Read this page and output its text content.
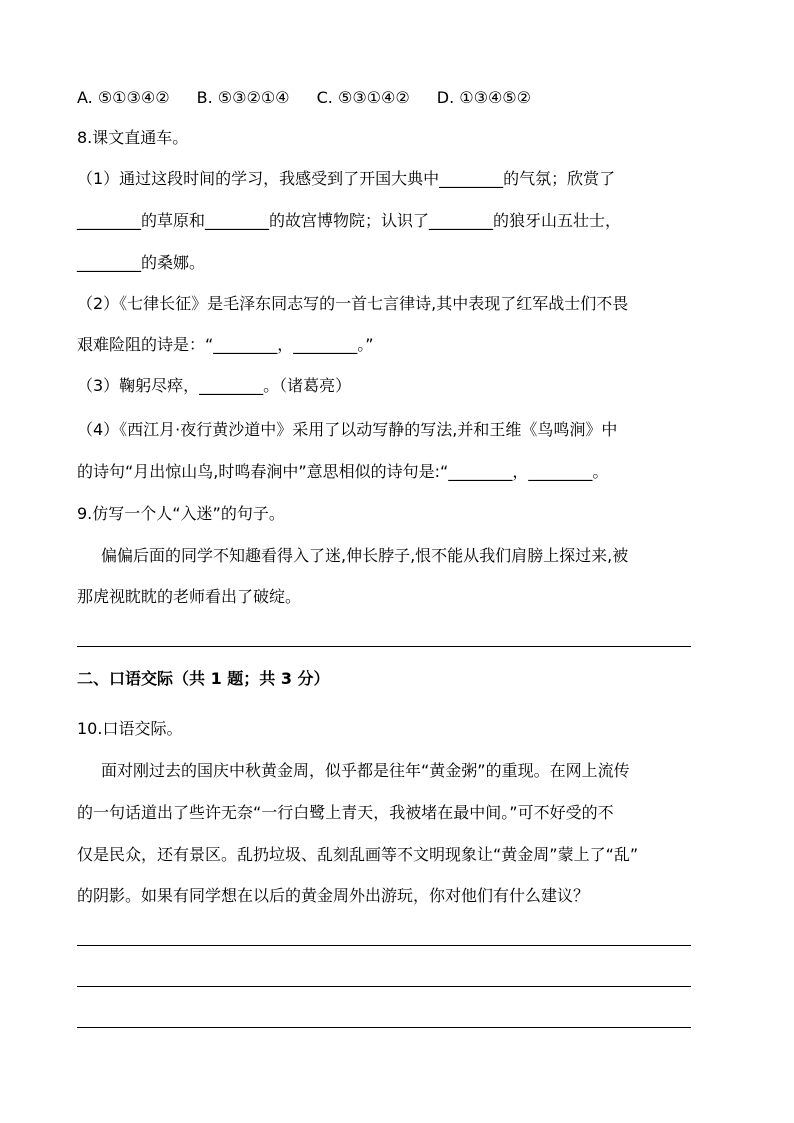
A. ⑤①③④② B. ⑤③②①④ C. ⑤③①④② D. ①③④⑤②
8.课文直通车。
（1）通过这段时间的学习，我感受到了开国大典中________的气氛；欣赏了
________的草原和________的故宫博物院；认识了________的狼牙山五壮士，
________的桑娜。
（2）《七律长征》是毛泽东同志写的一首七言律诗,其中表现了红军战士们不畏
艰难险阻的诗是：“________，________。”
（3）鞠躬尽瘁，________。（诸葛亮）
（4）《西江月·夜行黄沙道中》采用了以动写静的写法,并和王维《鸟鸣涧》中
的诗句“月出惊山鸟,时鸣春涧中”意思相似的诗句是:“________，________。
9.仿写一个人“入迷”的句子。
偏偏后面的同学不知趣看得入了迷,伸长脖子,恨不能从我们肩膀上探过来,被
那虎视眈眈的老师看出了破绽。
二、口语交际（共 1 题；共 3 分）
10.口语交际。
面对刚过去的国庆中秋黄金周，似乎都是往年“黄金粥”的重现。在网上流传
的一句话道出了些许无奈“一行白鹭上青天，我被堵在最中间。”可不好受的不
仅是民众，还有景区。乱扔垃圾、乱刻乱画等不文明现象让“黄金周”蒙上了“乱”
的阴影。如果有同学想在以后的黄金周外出游玩，你对他们有什么建议？
